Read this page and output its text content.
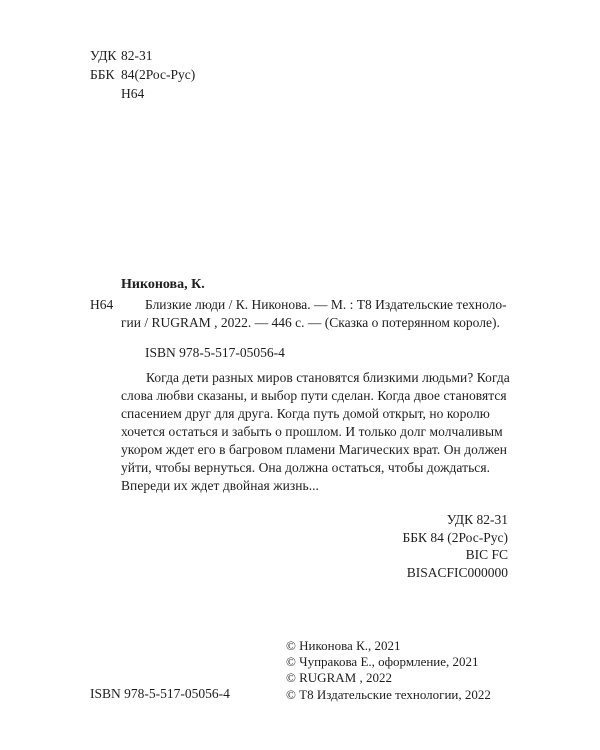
УДК 82-31
ББК 84(2Рос-Рус)
Н64
Никонова, К.
Н64 Близкие люди / К. Никонова. — М. : Т8 Издательские техноло-
гии / RUGRAM , 2022. — 446 с. — (Сказка о потерянном короле).
ISBN 978-5-517-05056-4
Когда дети разных миров становятся близкими людьми? Когда
слова любви сказаны, и выбор пути сделан. Когда двое становятся
спасением друг для друга. Когда путь домой открыт, но королю
хочется остаться и забыть о прошлом. И только долг молчаливым
укором ждет его в багровом пламени Магических врат. Он должен
уйти, чтобы вернуться. Она должна остаться, чтобы дождаться.
Впереди их ждет двойная жизнь...
УДК 82-31
ББК 84 (2Рос-Рус)
BIC FC
BISACFIC000000
ISBN 978-5-517-05056-4
© Никонова К., 2021
© Чупракова Е., оформление, 2021
© RUGRAM , 2022
© Т8 Издательские технологии, 2022
